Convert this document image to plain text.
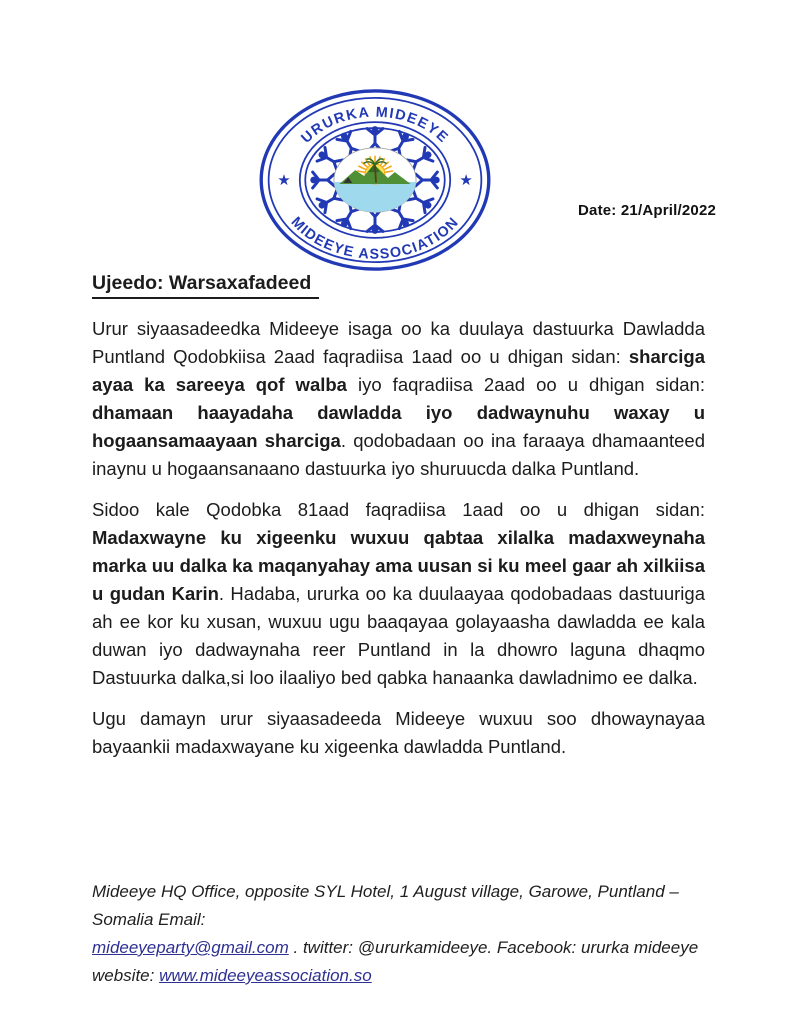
URURKA MIDEEYE
MIDEEYE ASSOCIATION
★	★
Date: 21/April/2022
Ujeedo: Warsaxafadeed

Urur siyaasadeedka Mideeye isaga oo ka duulaya dastuurka Dawladda Puntland Qodobkiisa 2aad faqradiisa 1aad oo u dhigan sidan: sharciga ayaa ka sareeya qof walba iyo faqradiisa 2aad oo u dhigan sidan: dhamaan haayadaha dawladda iyo dadwaynuhu waxay u hogaansamaayaan sharciga. qodobadaan oo ina faraaya dhamaanteed inaynu u hogaansanaano dastuurka iyo shuruucda dalka Puntland.

Sidoo kale Qodobka 81aad faqradiisa 1aad oo u dhigan sidan: Madaxwayne ku xigeenku wuxuu qabtaa xilalka madaxweynaha marka uu dalka ka maqanyahay ama uusan si ku meel gaar ah xilkiisa u gudan Karin. Hadaba, ururka oo ka duulaayaa qodobadaas dastuuriga ah ee kor ku xusan, wuxuu ugu baaqayaa golayaasha dawladda ee kala duwan iyo dadwaynaha reer Puntland in la dhowro laguna dhaqmo Dastuurka dalka,si loo ilaaliyo bed qabka hanaanka dawladnimo ee dalka.

Ugu damayn urur siyaasadeeda Mideeye wuxuu soo dhowaynayaa bayaankii madaxwayane ku xigeenka dawladda Puntland.

Mideeye HQ Office, opposite SYL Hotel, 1 August village, Garowe, Puntland – Somalia Email:
mideeyeparty@gmail.com . twitter: @ururkamideeye. Facebook: ururka mideeye
website: www.mideeyeassociation.so
